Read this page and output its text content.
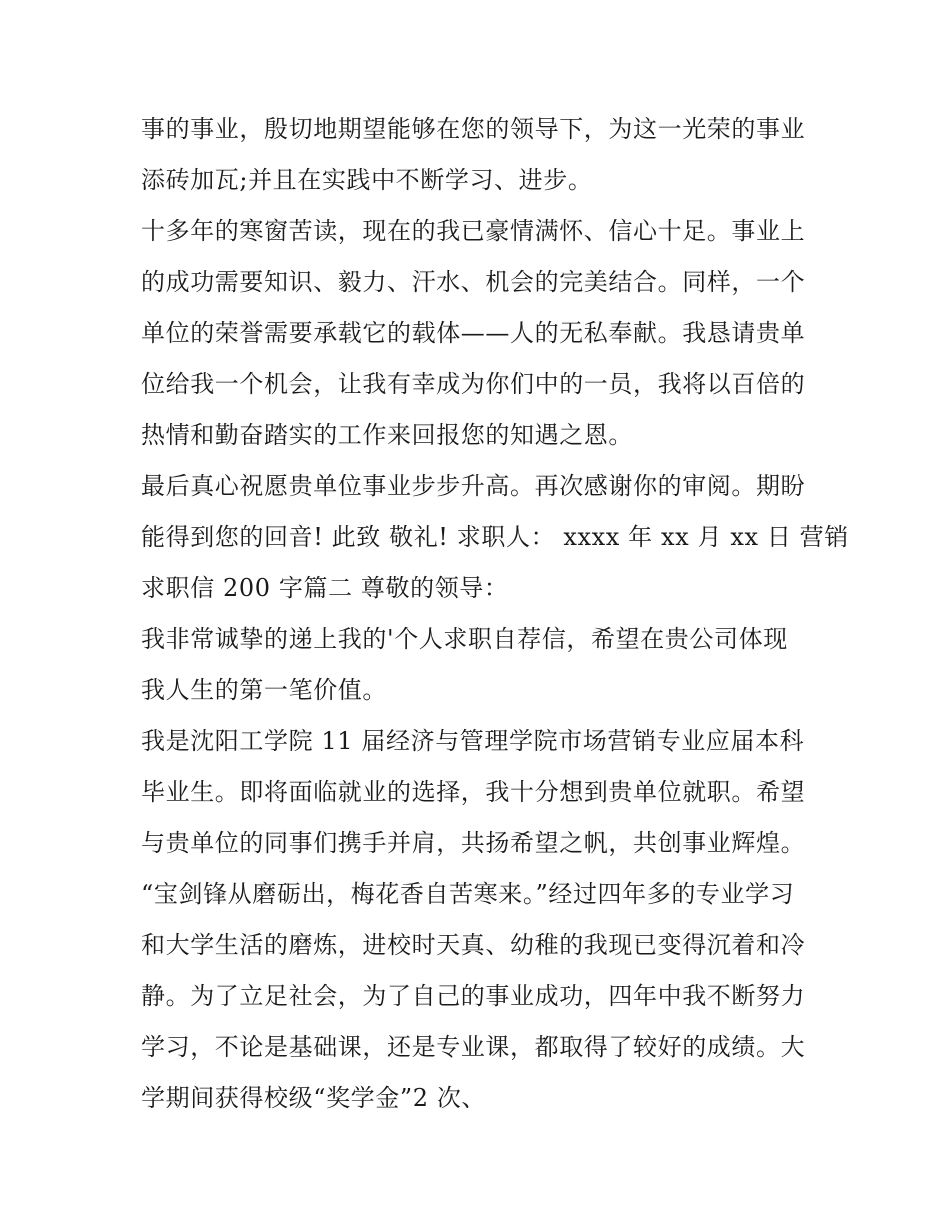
事的事业，殷切地期望能够在您的领导下，为这一光荣的事业
添砖加瓦;并且在实践中不断学习、进步。
十多年的寒窗苦读，现在的我已豪情满怀、信心十足。事业上
的成功需要知识、毅力、汗水、机会的完美结合。同样，一个
单位的荣誉需要承载它的载体——人的无私奉献。我恳请贵单
位给我一个机会，让我有幸成为你们中的一员，我将以百倍的
热情和勤奋踏实的工作来回报您的知遇之恩。
最后真心祝愿贵单位事业步步升高。再次感谢你的审阅。期盼
能得到您的回音! 此致 敬礼! 求职人： xxxx 年 xx 月 xx 日 营销
求职信 200 字篇二 尊敬的领导：
我非常诚挚的递上我的'个人求职自荐信，希望在贵公司体现
我人生的第一笔价值。
我是沈阳工学院 11 届经济与管理学院市场营销专业应届本科
毕业生。即将面临就业的选择，我十分想到贵单位就职。希望
与贵单位的同事们携手并肩，共扬希望之帆，共创事业辉煌。
“宝剑锋从磨砺出，梅花香自苦寒来。”经过四年多的专业学习
和大学生活的磨炼，进校时天真、幼稚的我现已变得沉着和冷
静。为了立足社会，为了自己的事业成功，四年中我不断努力
学习，不论是基础课，还是专业课，都取得了较好的成绩。大
学期间获得校级“奖学金”2 次、
